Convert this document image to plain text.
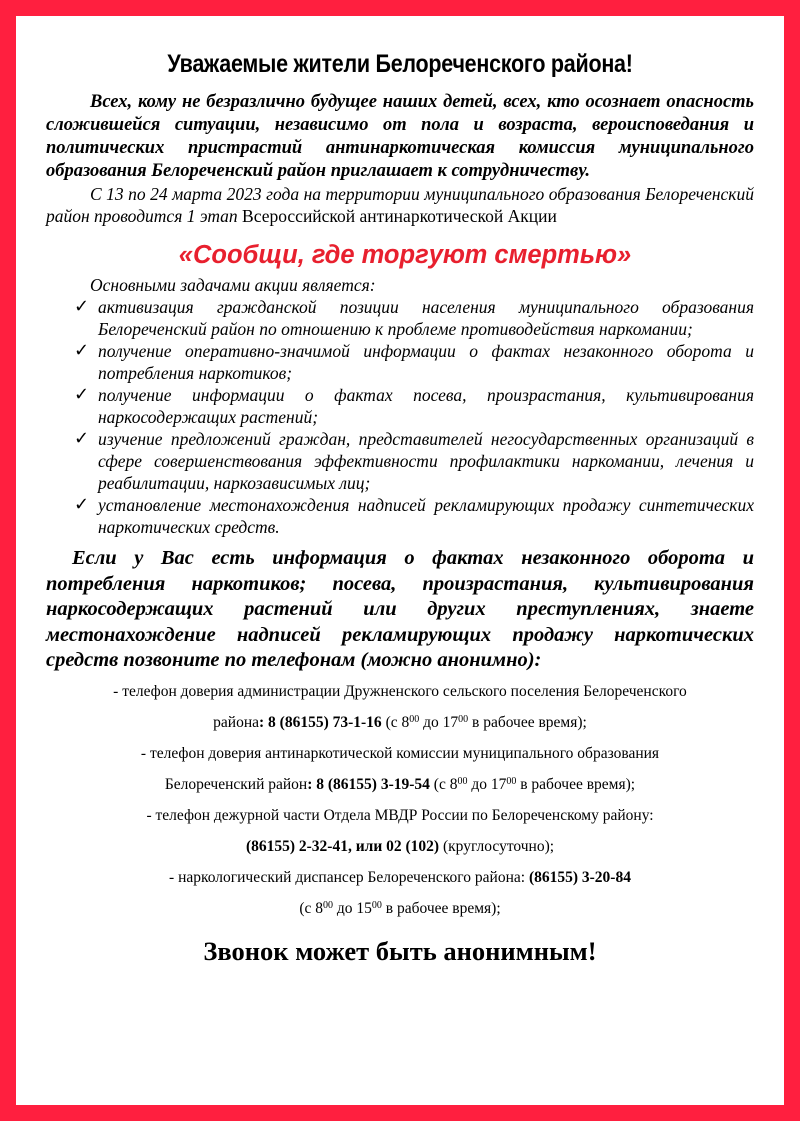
Уважаемые жители Белореченского района!

Всех, кому не безразлично будущее наших детей, всех, кто осознает опасность сложившейся ситуации, независимо от пола и возраста, вероисповедания и политических пристрастий антинаркотическая комиссия муниципального образования Белореченский район приглашает к сотрудничеству.

С 13 по 24 марта 2023 года на территории муниципального образования Белореченский район проводится 1 этап Всероссийской антинаркотической Акции

«Сообщи, где торгуют смертью»

Основными задачами акции является:

✓ активизация гражданской позиции населения муниципального образования Белореченский район по отношению к проблеме противодействия наркомании;
✓ получение оперативно-значимой информации о фактах незаконного оборота и потребления наркотиков;
✓ получение информации о фактах посева, произрастания, культивирования наркосодержащих растений;
✓ изучение предложений граждан, представителей негосударственных организаций в сфере совершенствования эффективности профилактики наркомании, лечения и реабилитации, наркозависимых лиц;
✓ установление местонахождения надписей рекламирующих продажу синтетических наркотических средств.

Если у Вас есть информация о фактах незаконного оборота и потребления наркотиков; посева, произрастания, культивирования наркосодержащих растений или других преступлениях, знаете местонахождение надписей рекламирующих продажу наркотических средств позвоните по телефонам (можно анонимно):

- телефон доверия администрации Дружненского сельского поселения Белореченского
района: 8 (86155) 73-1-16 (с $8^{00}$ до $17^{00}$ в рабочее время);
- телефон доверия антинаркотической комиссии муниципального образования
Белореченский район: 8 (86155) 3-19-54 (с $8^{00}$ до $17^{00}$ в рабочее время);
- телефон дежурной части Отдела МВДР России по Белореченскому району:
(86155) 2-32-41, или 02 (102) (круглосуточно);
- наркологический диспансер Белореченского района: (86155) 3-20-84
(с $8^{00}$ до $15^{00}$ в рабочее время);
Звонок может быть анонимным!
